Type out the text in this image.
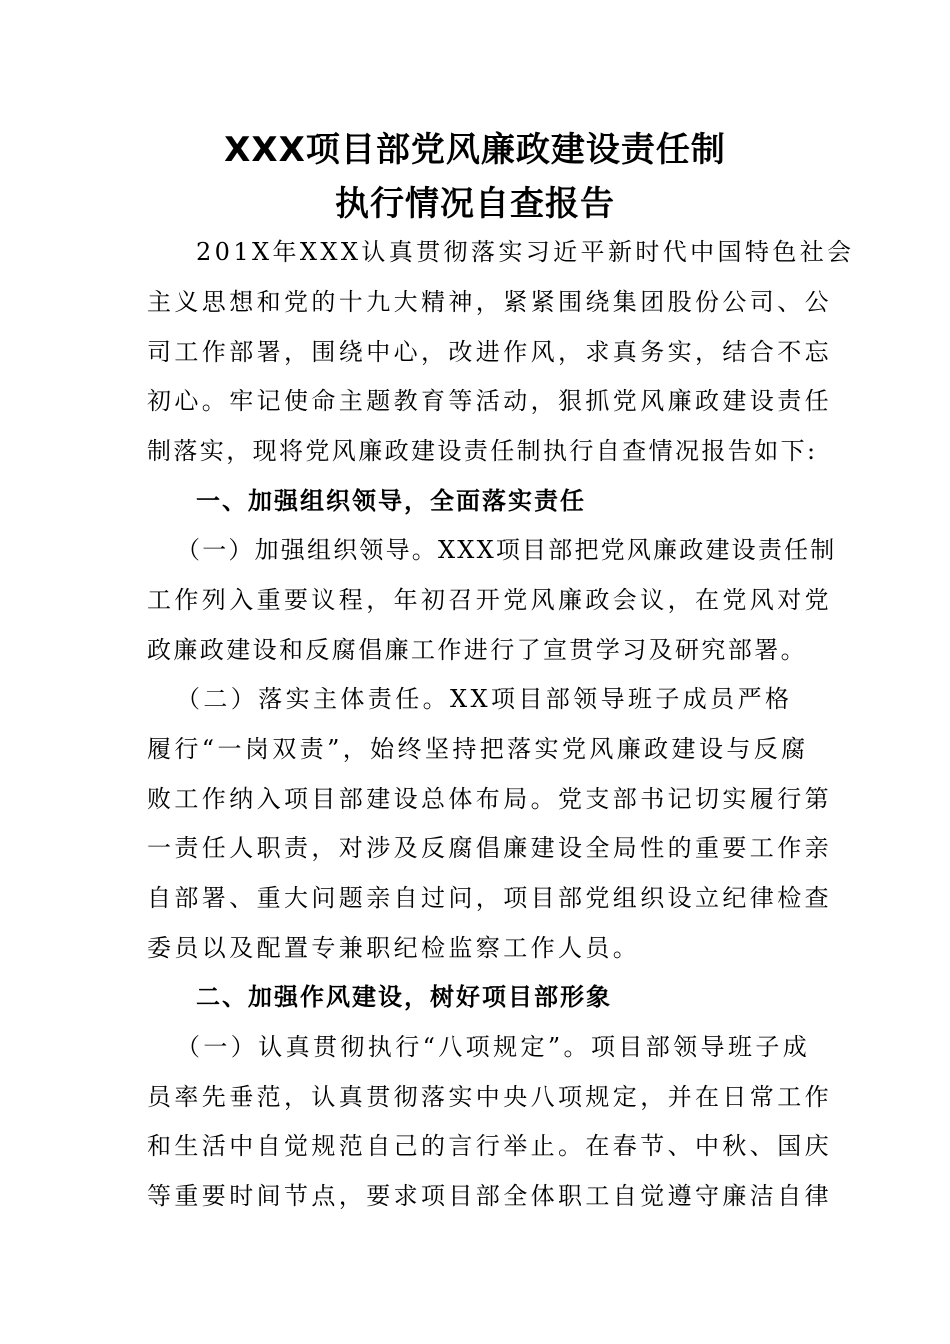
XXX项目部党风廉政建设责任制
执行情况自查报告
201X年XXX认真贯彻落实习近平新时代中国特色社会
主义思想和党的十九大精神，紧紧围绕集团股份公司、公
司工作部署，围绕中心，改进作风，求真务实，结合不忘
初心。牢记使命主题教育等活动，狠抓党风廉政建设责任
制落实，现将党风廉政建设责任制执行自查情况报告如下:
一、加强组织领导，全面落实责任
（一）加强组织领导。XXX项目部把党风廉政建设责任制
工作列入重要议程，年初召开党风廉政会议，在党风对党
政廉政建设和反腐倡廉工作进行了宣贯学习及研究部署。
（二）落实主体责任。XX项目部领导班子成员严格
履行“一岗双责”，始终坚持把落实党风廉政建设与反腐
败工作纳入项目部建设总体布局。党支部书记切实履行第
一责任人职责，对涉及反腐倡廉建设全局性的重要工作亲
自部署、重大问题亲自过问，项目部党组织设立纪律检查
委员以及配置专兼职纪检监察工作人员。
二、加强作风建设，树好项目部形象
（一）认真贯彻执行“八项规定”。项目部领导班子成
员率先垂范，认真贯彻落实中央八项规定，并在日常工作
和生活中自觉规范自己的言行举止。在春节、中秋、国庆
等重要时间节点，要求项目部全体职工自觉遵守廉洁自律
